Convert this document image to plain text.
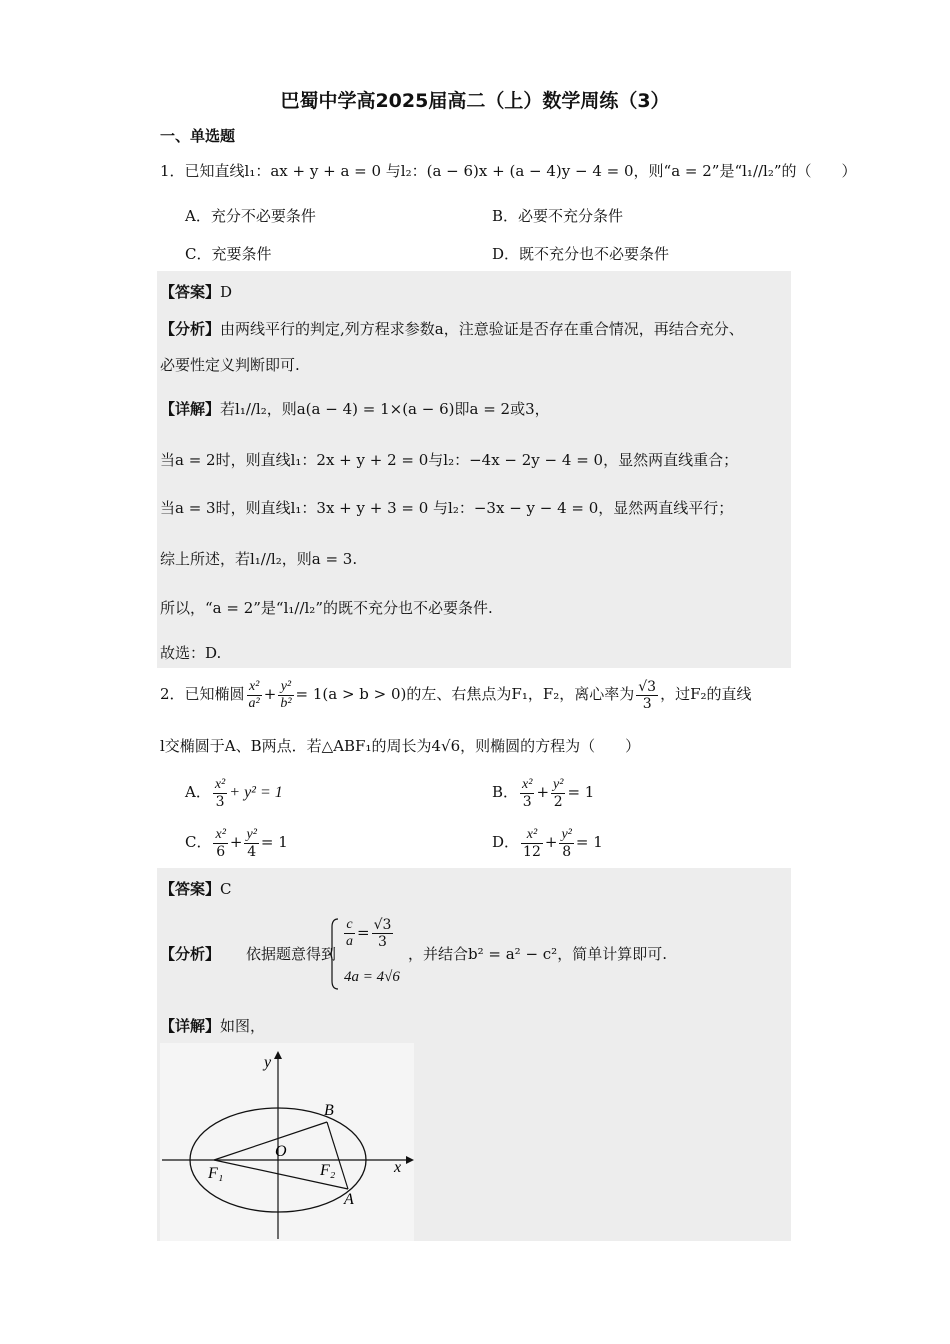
巴蜀中学高2025届高二（上）数学周练（3）
一、单选题
1．已知直线l₁：ax + y + a = 0 与l₂：(a − 6)x + (a − 4)y − 4 = 0，则“a = 2”是“l₁//l₂”的（　　）
A．充分不必要条件	B．必要不充分条件
C．充要条件	D．既不充分也不必要条件
【答案】D
【分析】由两线平行的判定,列方程求参数a，注意验证是否存在重合情况，再结合充分、
必要性定义判断即可.
【详解】若l₁//l₂，则a(a − 4) = 1×(a − 6)即a = 2或3，
当a = 2时，则直线l₁：2x + y + 2 = 0与l₂：−4x − 2y − 4 = 0，显然两直线重合；
当a = 3时，则直线l₁：3x + y + 3 = 0 与l₂：−3x − y − 4 = 0，显然两直线平行；
综上所述，若l₁//l₂，则a = 3.
所以，“a = 2”是“l₁//l₂”的既不充分也不必要条件.
故选：D.
2．已知椭圆 $\frac{\text{x²}}{\text{a²}} + \frac{\text{y²}}{\text{b²}} = 1(a > b > 0)$的左、右焦点为F₁，F₂，离心率为 $\frac{√3}{3}$ ，过F₂的直线
l交椭圆于A、B两点．若△ABF₁的周长为4√6，则椭圆的方程为（　　）
A． $\frac{\text{x²}}{3} + y^2 = 1$	B． $\frac{\text{x²}}{3} + \frac{\text{y²}}{2} = 1$
C． $\frac{\text{x²}}{6} + \frac{\text{y²}}{4} = 1$	D． $\frac{\text{x²}}{12} + \frac{\text{y²}}{8} = 1$
【答案】C
【分析】 依据题意得到
$\frac{c}{a} = \frac{√3}{3}$
4a = 4√6
，并结合b² = a² − c²，简单计算即可.
【详解】如图，
x
y
O
F₁	F₂
B
A
